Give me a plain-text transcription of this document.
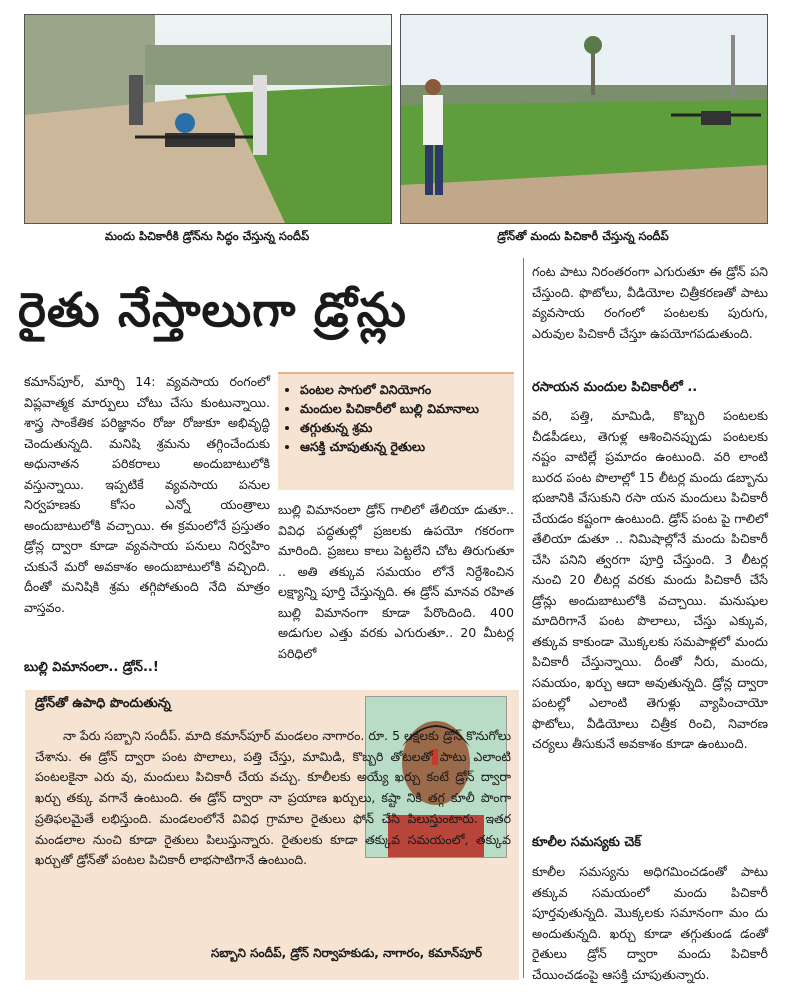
మందు పిచికారీకి డ్రోన్‌ను సిద్ధం చేస్తున్న సందీప్	డ్రోన్‌తో మందు పిచికారీ చేస్తున్న సందీప్
రైతు నేస్తాలుగా డ్రోన్లు

కమాన్‌పూర్, మార్చి 14: వ్యవసాయ రంగంలో విప్లవాత్మక మార్పులు చోటు చేసు కుంటున్నాయి. శాస్త్ర సాంకేతిక పరిజ్ఞానం రోజు రోజుకూ అభివృద్ధి చెందుతున్నది. మనిషి శ్రమను తగ్గించేందుకు అధునాతన పరికరాలు అందుబాటులోకి వస్తున్నాయి. ఇప్పటికే వ్యవసాయ పనుల నిర్వహణకు కోసం ఎన్నో యంత్రాలు అందుబాటులోకి వచ్చాయి. ఈ క్రమంలోనే ప్రస్తుతం డ్రోన్ల ద్వారా కూడా వ్యవసాయ పనులు నిర్వహిం చుకునే మరో అవకాశం అందుబాటులోకి వచ్చింది. దీంతో మనిషికి శ్రమ తగ్గిపోతుంది నేది మాత్రం వాస్తవం.

బుల్లి విమానంలా.. డ్రోన్..!
• పంటల సాగులో వినియోగం
• మందుల పిచికారీలో బుల్లి విమానాలు
• తగ్గుతున్న శ్రమ
• ఆసక్తి చూపుతున్న రైతులు

బుల్లి విమానంలా డ్రోన్ గాలిలో తేలియా డుతూ.. వివిధ పద్ధతుల్లో ప్రజలకు ఉపయో గకరంగా మారింది. ప్రజలు కాలు పెట్టలేని చోట తిరుగుతూ .. అతి తక్కువ సమయం లోనే నిర్దేశించిన లక్ష్యాన్ని పూర్తి చేస్తున్నది. ఈ డ్రోన్ మానవ రహిత బుల్లి విమానంగా కూడా పేరొందింది. 400 అడుగుల ఎత్తు వరకు ఎగురుతూ.. 20 మీటర్ల పరిధిలో

గంట పాటు నిరంతరంగా ఎగురుతూ ఈ డ్రోన్ పని చేస్తుంది. ఫొటోలు, వీడియోల చిత్రీకరణతో పాటు వ్యవసాయ రంగంలో పంటలకు పురుగు, ఎరువుల పిచికారీ చేస్తూ ఉపయోగపడుతుంది.

రసాయన మందుల పిచికారీలో ..

వరి, పత్తి, మామిడి, కొబ్బరి పంటలకు చీడపీడలు, తెగుళ్ల ఆశించినప్పుడు పంటలకు నష్టం వాటిల్లే ప్రమాదం ఉంటుంది. వరి లాంటి బురద పంట పొలాల్లో 15 లీటర్ల మందు డబ్బాను భుజానికి వేసుకుని రసా యన మందులు పిచికారీ చేయడం కష్టంగా ఉంటుంది. డ్రోన్ పంట పై గాలిలో తేలియా డుతూ .. నిమిషాల్లోనే మందు పిచికారీ చేసి పనిని త్వరగా పూర్తి చేస్తుంది. 3 లీటర్ల నుంచి 20 లీటర్ల వరకు మందు పిచికారీ చేసే డ్రోన్లు అందుబాటులోకి వచ్చాయి. మనుషుల మాదిరిగానే పంట పొలాలు, చేస్తు ఎక్కువ, తక్కువ కాకుండా మొక్కలకు సమపాళ్లలో మందు పిచికారీ చేస్తున్నాయి. దీంతో నీరు, మందు, సమయం, ఖర్చు ఆదా అవుతున్నది. డ్రోన్ల ద్వారా పంటల్లో ఎలాంటి తెగుళ్లు వ్యాపించాయో ఫొటోలు, వీడియోలు చిత్రీక రించి, నివారణ చర్యలు తీసుకునే అవకాశం కూడా ఉంటుంది.

కూలీల సమస్యకు చెక్

కూలీల సమస్యను అధిగమించడంతో పాటు తక్కువ సమయంలో మందు పిచికారీ పూర్తవుతున్నది. మొక్కలకు సమానంగా మం దు అందుతున్నది. ఖర్చు కూడా తగ్గుతుండ డంతో రైతులు డ్రోన్ ద్వారా మందు పిచికారీ చేయించడంపై ఆసక్తి చూపుతున్నారు.

డ్రోన్‌తో ఉపాధి పొందుతున్న

నా పేరు సబ్బాని సందీప్. మాది కమాన్‌పూర్ మండలం నాగారం. రూ. 5 లక్షలకు డ్రోన్ కొనుగోలు చేశాను. ఈ డ్రోన్ ద్వారా పంట పొలాలు, పత్తి చేస్తు, మామిడి, కొబ్బరి తోటలతో పాటు ఎలాంటి పంటలకైనా ఎరు వు, మందులు పిచికారీ చేయ వచ్చు. కూలీలకు అయ్యే ఖర్చు కంటే డ్రోన్ ద్వారా ఖర్చు తక్కు వగానే ఉంటుంది. ఈ డ్రోన్ ద్వారా నా ప్రయాణ ఖర్చులు, కష్టా నికి తగ్గ కూలీ పొంగా ప్రతిఫలమైతే లభిస్తుంది. మండలంలోనే వివిధ గ్రామాల రైతులు ఫోన్ చేసి పిలుస్తుంటారు. ఇతర మండలాల నుంచి కూడా రైతులు పిలుస్తున్నారు. రైతులకు కూడా తక్కువ సమయంలో, తక్కువ ఖర్చుతో డ్రోన్‌తో పంటల పిచికారీ లాభసాటిగానే ఉంటుంది.

సబ్బాని సందీప్, డ్రోన్ నిర్వాహకుడు, నాగారం, కమాన్‌పూర్
